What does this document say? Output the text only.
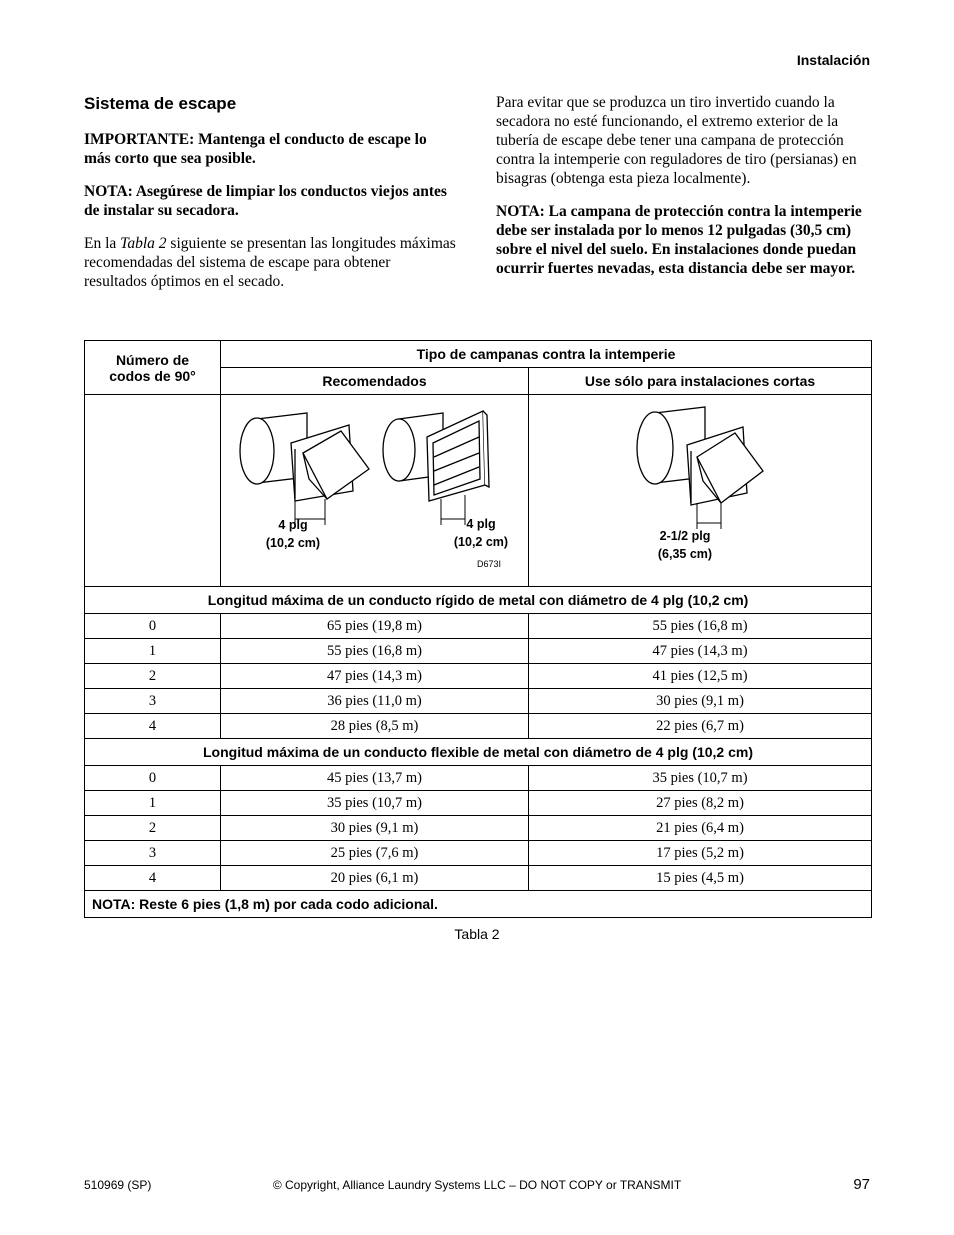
Instalación
Sistema de escape

IMPORTANTE: Mantenga el conducto de escape lo más corto que sea posible.

NOTA: Asegúrese de limpiar los conductos viejos antes de instalar su secadora.

En la Tabla 2 siguiente se presentan las longitudes máximas recomendadas del sistema de escape para obtener resultados óptimos en el secado.

Para evitar que se produzca un tiro invertido cuando la secadora no esté funcionando, el extremo exterior de la tubería de escape debe tener una campana de protección contra la intemperie con reguladores de tiro (persianas) en bisagras (obtenga esta pieza localmente).

NOTA: La campana de protección contra la intemperie debe ser instalada por lo menos 12 pulgadas (30,5 cm) sobre el nivel del suelo. En instalaciones donde puedan ocurrir fuertes nevadas, esta distancia debe ser mayor.

Número de codos de 90°	Tipo de campanas contra la intemperie	
	Recomendados	Use sólo para instalaciones cortas

4 plg
(10,2 cm)
4 plg
(10,2 cm)
D673I	2-1/2 plg
(6,35 cm)

Longitud máxima de un conducto rígido de metal con diámetro de 4 plg (10,2 cm)		
0	65 pies (19,8 m)	55 pies (16,8 m)
1	55 pies (16,8 m)	47 pies (14,3 m)
2	47 pies (14,3 m)	41 pies (12,5 m)
3	36 pies (11,0 m)	30 pies (9,1 m)
4	28 pies (8,5 m)	22 pies (6,7 m)
Longitud máxima de un conducto flexible de metal con diámetro de 4 plg (10,2 cm)		
0	45 pies (13,7 m)	35 pies (10,7 m)
1	35 pies (10,7 m)	27 pies (8,2 m)
2	30 pies (9,1 m)	21 pies (6,4 m)
3	25 pies (7,6 m)	17 pies (5,2 m)
4	20 pies (6,1 m)	15 pies (4,5 m)
NOTA: Reste 6 pies (1,8 m) por cada codo adicional.		
Tabla 2
510969 (SP)	© Copyright, Alliance Laundry Systems LLC – DO NOT COPY or TRANSMIT	97
